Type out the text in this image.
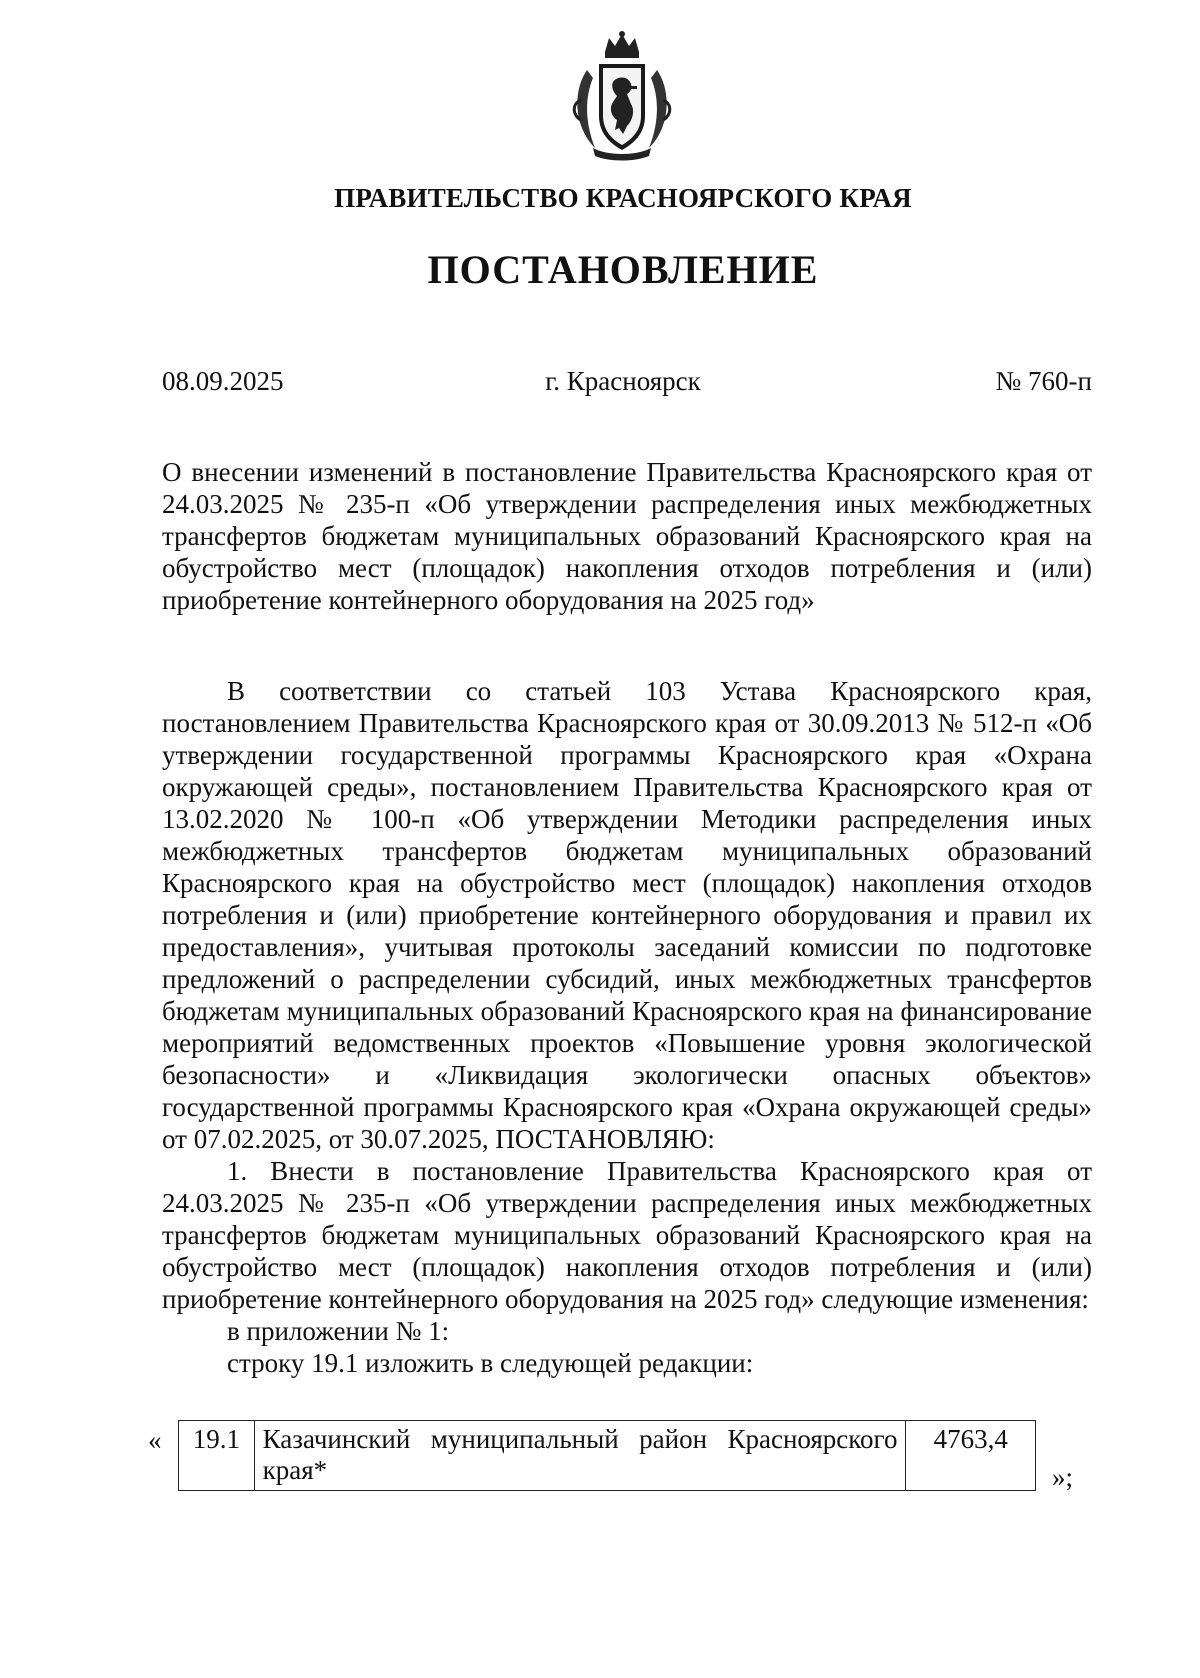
ПРАВИТЕЛЬСТВО КРАСНОЯРСКОГО КРАЯ
ПОСТАНОВЛЕНИЕ
08.09.2025	г. Красноярск	№ 760-п

О внесении изменений в постановление Правительства Красноярского края от 24.03.2025 № 235-п «Об утверждении распределения иных межбюджетных трансфертов бюджетам муниципальных образований Красноярского края на обустройство мест (площадок) накопления отходов потребления и (или) приобретение контейнерного оборудования на 2025 год»

В соответствии со статьей 103 Устава Красноярского края, постановлением Правительства Красноярского края от 30.09.2013 № 512-п «Об утверждении государственной программы Красноярского края «Охрана окружающей среды», постановлением Правительства Красноярского края от 13.02.2020 № 100-п «Об утверждении Методики распределения иных межбюджетных трансфертов бюджетам муниципальных образований Красноярского края на обустройство мест (площадок) накопления отходов потребления и (или) приобретение контейнерного оборудования и правил их предоставления», учитывая протоколы заседаний комиссии по подготовке предложений о распределении субсидий, иных межбюджетных трансфертов бюджетам муниципальных образований Красноярского края на финансирование мероприятий ведомственных проектов «Повышение уровня экологической безопасности» и «Ликвидация экологически опасных объектов» государственной программы Красноярского края «Охрана окружающей среды» от 07.02.2025, от 30.07.2025, ПОСТАНОВЛЯЮ:

1. Внести в постановление Правительства Красноярского края от 24.03.2025 № 235-п «Об утверждении распределения иных межбюджетных трансфертов бюджетам муниципальных образований Красноярского края на обустройство мест (площадок) накопления отходов потребления и (или) приобретение контейнерного оборудования на 2025 год» следующие изменения:

в приложении № 1:

строку 19.1 изложить в следующей редакции:

« 19.1	Казачинский муниципальный район Красноярского края*	4763,4
»;
